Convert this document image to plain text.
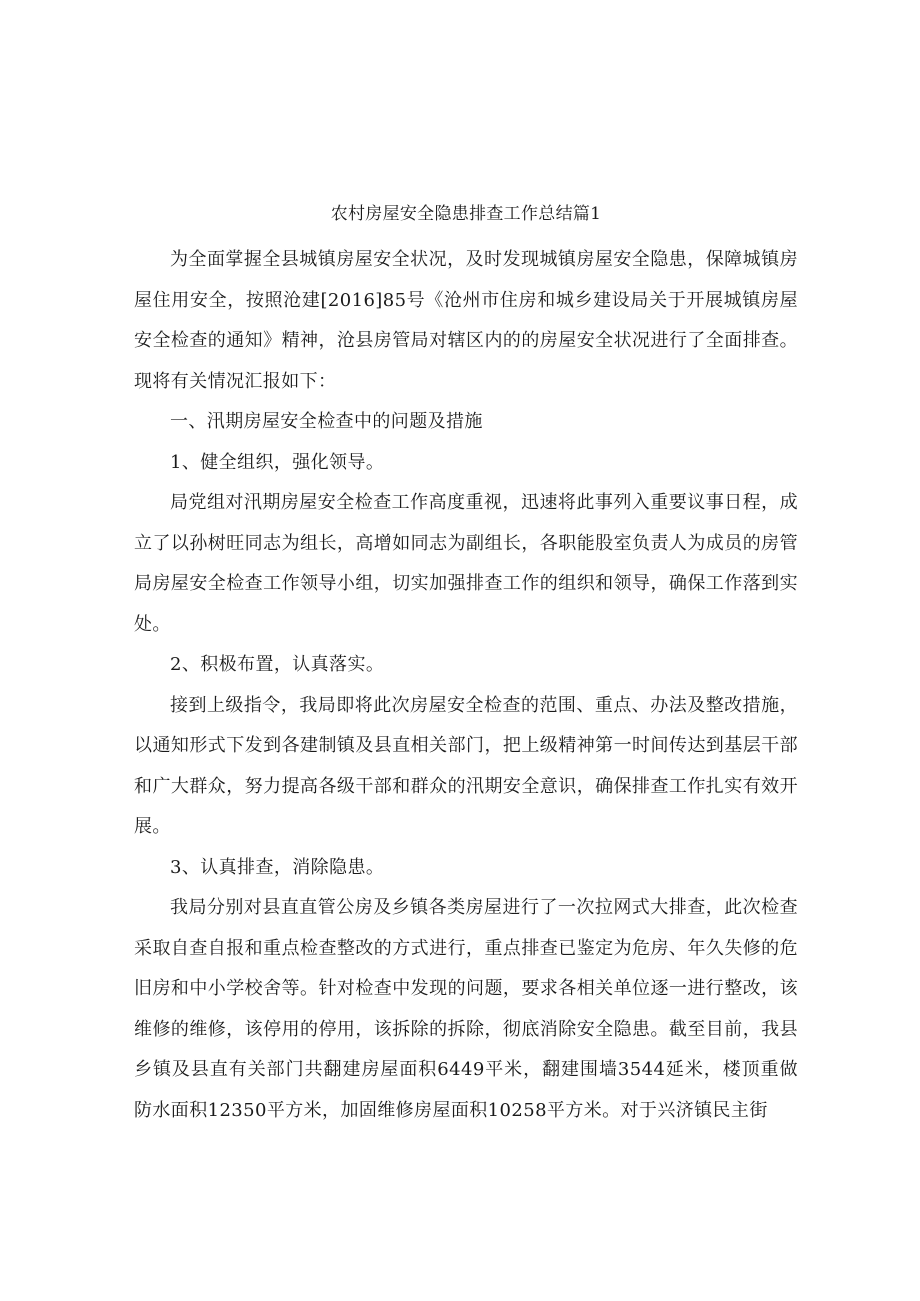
农村房屋安全隐患排查工作总结篇1

为全面掌握全县城镇房屋安全状况，及时发现城镇房屋安全隐患，保障城镇房屋住用安全，按照沧建[2016]85号《沧州市住房和城乡建设局关于开展城镇房屋安全检查的通知》精神，沧县房管局对辖区内的的房屋安全状况进行了全面排查。现将有关情况汇报如下：

一、汛期房屋安全检查中的问题及措施

1、健全组织，强化领导。

局党组对汛期房屋安全检查工作高度重视，迅速将此事列入重要议事日程，成立了以孙树旺同志为组长，高增如同志为副组长，各职能股室负责人为成员的房管局房屋安全检查工作领导小组，切实加强排查工作的组织和领导，确保工作落到实处。

2、积极布置，认真落实。

接到上级指令，我局即将此次房屋安全检查的范围、重点、办法及整改措施，以通知形式下发到各建制镇及县直相关部门，把上级精神第一时间传达到基层干部和广大群众，努力提高各级干部和群众的汛期安全意识，确保排查工作扎实有效开展。

3、认真排查，消除隐患。

我局分别对县直直管公房及乡镇各类房屋进行了一次拉网式大排查，此次检查采取自查自报和重点检查整改的方式进行，重点排查已鉴定为危房、年久失修的危旧房和中小学校舍等。针对检查中发现的问题，要求各相关单位逐一进行整改，该维修的维修，该停用的停用，该拆除的拆除，彻底消除安全隐患。截至目前，我县乡镇及县直有关部门共翻建房屋面积6449平米，翻建围墙3544延米，楼顶重做防水面积12350平方米，加固维修房屋面积10258平方米。对于兴济镇民主街
